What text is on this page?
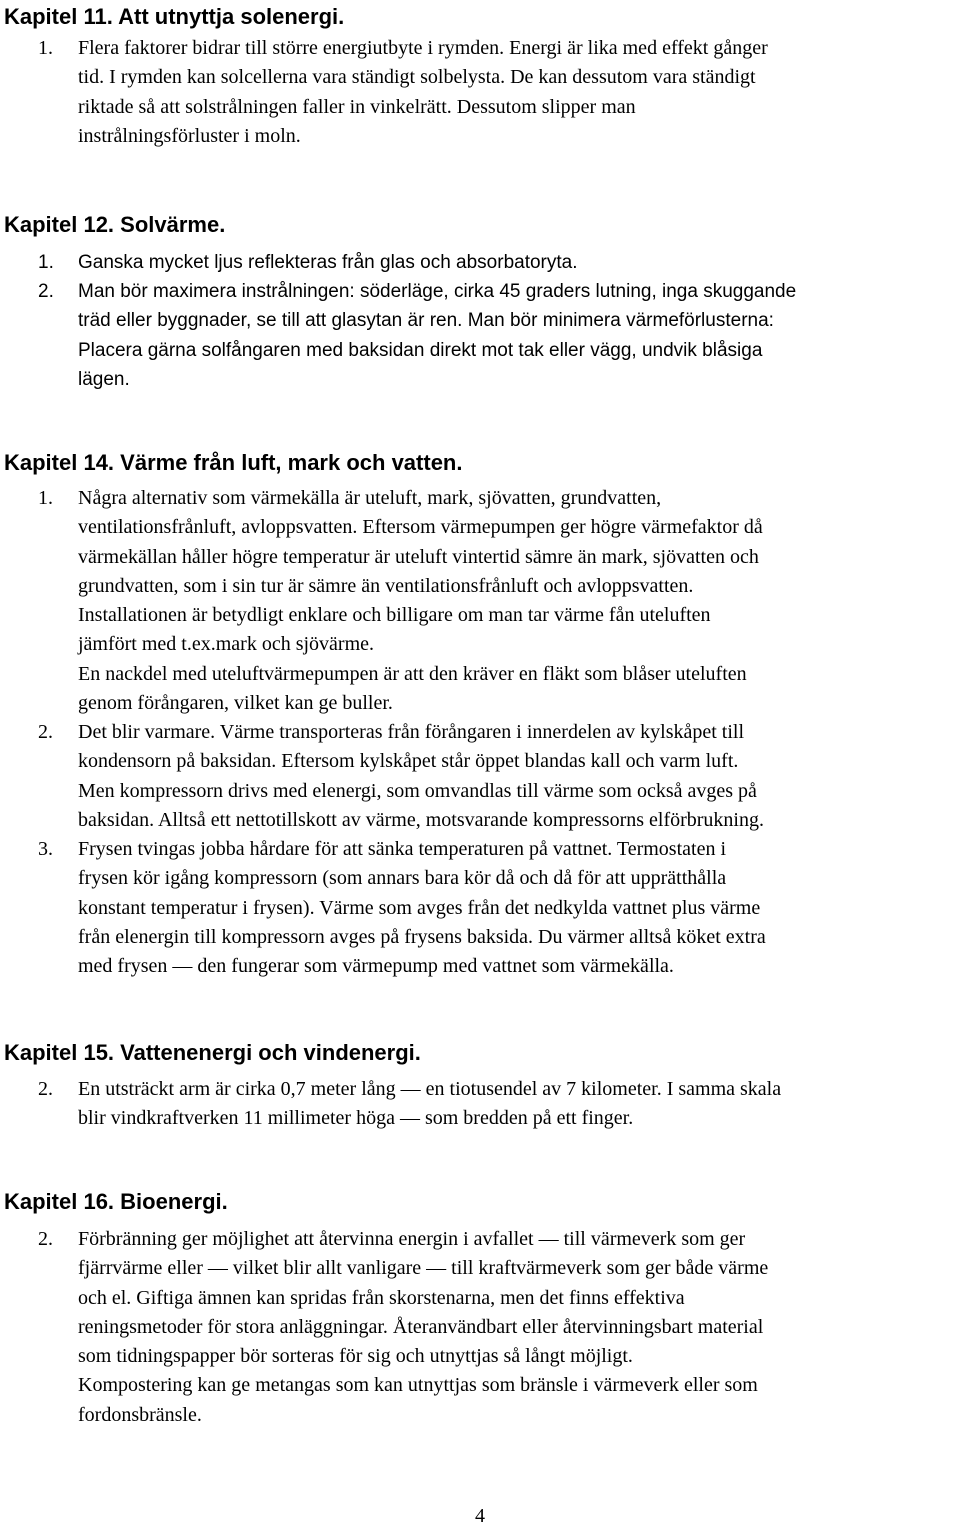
Kapitel 11. Att utnyttja solenergi.
1. Flera faktorer bidrar till större energiutbyte i rymden. Energi är lika med effekt gånger
tid. I rymden kan solcellerna vara ständigt solbelysta. De kan dessutom vara ständigt
riktade så att solstrålningen faller in vinkelrätt. Dessutom slipper man
instrålningsförluster i moln.
Kapitel 12. Solvärme.
1. Ganska mycket ljus reflekteras från glas och absorbatoryta.
2. Man bör maximera instrålningen: söderläge, cirka 45 graders lutning, inga skuggande
träd eller byggnader, se till att glasytan är ren. Man bör minimera värmeförlusterna:
Placera gärna solfångaren med baksidan direkt mot tak eller vägg, undvik blåsiga
lägen.
Kapitel 14. Värme från luft, mark och vatten.
1. Några alternativ som värmekälla är uteluft, mark, sjövatten, grundvatten,
ventilationsfrånluft, avloppsvatten. Eftersom värmepumpen ger högre värmefaktor då
värmekällan håller högre temperatur är uteluft vintertid sämre än mark, sjövatten och
grundvatten, som i sin tur är sämre än ventilationsfrånluft och avloppsvatten.
Installationen är betydligt enklare och billigare om man tar värme fån uteluften
jämfört med t.ex.mark och sjövärme.
En nackdel med uteluftvärmepumpen är att den kräver en fläkt som blåser uteluften
genom förångaren, vilket kan ge buller.
2. Det blir varmare. Värme transporteras från förångaren i innerdelen av kylskåpet till
kondensorn på baksidan. Eftersom kylskåpet står öppet blandas kall och varm luft.
Men kompressorn drivs med elenergi, som omvandlas till värme som också avges på
baksidan. Alltså ett nettotillskott av värme, motsvarande kompressorns elförbrukning.
3. Frysen tvingas jobba hårdare för att sänka temperaturen på vattnet. Termostaten i
frysen kör igång kompressorn (som annars bara kör då och då för att upprätthålla
konstant temperatur i frysen). Värme som avges från det nedkylda vattnet plus värme
från elenergin till kompressorn avges på frysens baksida. Du värmer alltså köket extra
med frysen — den fungerar som värmepump med vattnet som värmekälla.
Kapitel 15. Vattenenergi och vindenergi.
2. En utsträckt arm är cirka 0,7 meter lång — en tiotusendel av 7 kilometer. I samma skala
blir vindkraftverken 11 millimeter höga — som bredden på ett finger.
Kapitel 16. Bioenergi.
2. Förbränning ger möjlighet att återvinna energin i avfallet — till värmeverk som ger
fjärrvärme eller — vilket blir allt vanligare — till kraftvärmeverk som ger både värme
och el. Giftiga ämnen kan spridas från skorstenarna, men det finns effektiva
reningsmetoder för stora anläggningar. Återanvändbart eller återvinningsbart material
som tidningspapper bör sorteras för sig och utnyttjas så långt möjligt.
Kompostering kan ge metangas som kan utnyttjas som bränsle i värmeverk eller som
fordonsbränsle.
4
